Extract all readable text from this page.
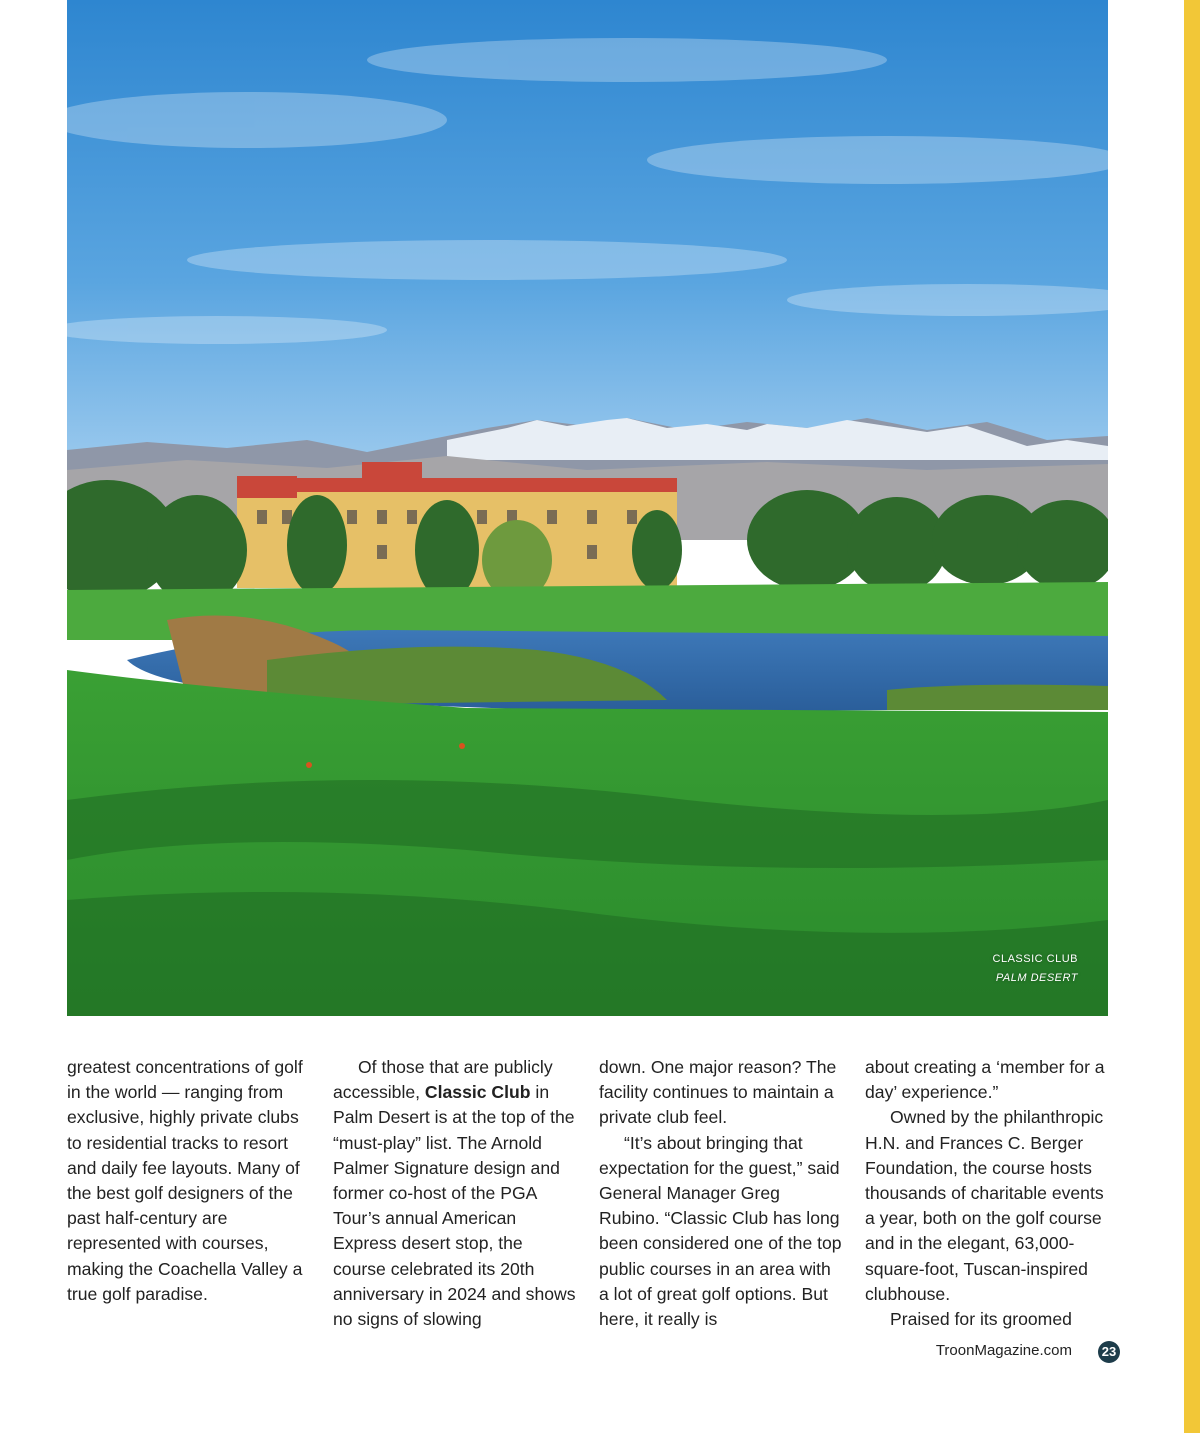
CLASSIC CLUB
PALM DESERT

greatest concentrations of golf in the world — ranging from exclusive, highly private clubs to residential tracks to resort and daily fee layouts. Many of the best golf designers of the past half-century are represented with courses, making the Coachella Valley a true golf paradise.

Of those that are publicly accessible, Classic Club in Palm Desert is at the top of the “must-play” list. The Arnold Palmer Signature design and former co-host of the PGA Tour’s annual American Express desert stop, the course celebrated its 20th anniversary in 2024 and shows no signs of slowing

down. One major reason? The facility continues to maintain a private club feel.

“It’s about bringing that expectation for the guest,” said General Manager Greg Rubino. “Classic Club has long been considered one of the top public courses in an area with a lot of great golf options. But here, it really is

about creating a ‘member for a day’ experience.”

Owned by the philanthropic H.N. and Frances C. Berger Foundation, the course hosts thousands of charitable events a year, both on the golf course and in the elegant, 63,000-square-foot, Tuscan-inspired clubhouse.

Praised for its groomed

TroonMagazine.com 23
